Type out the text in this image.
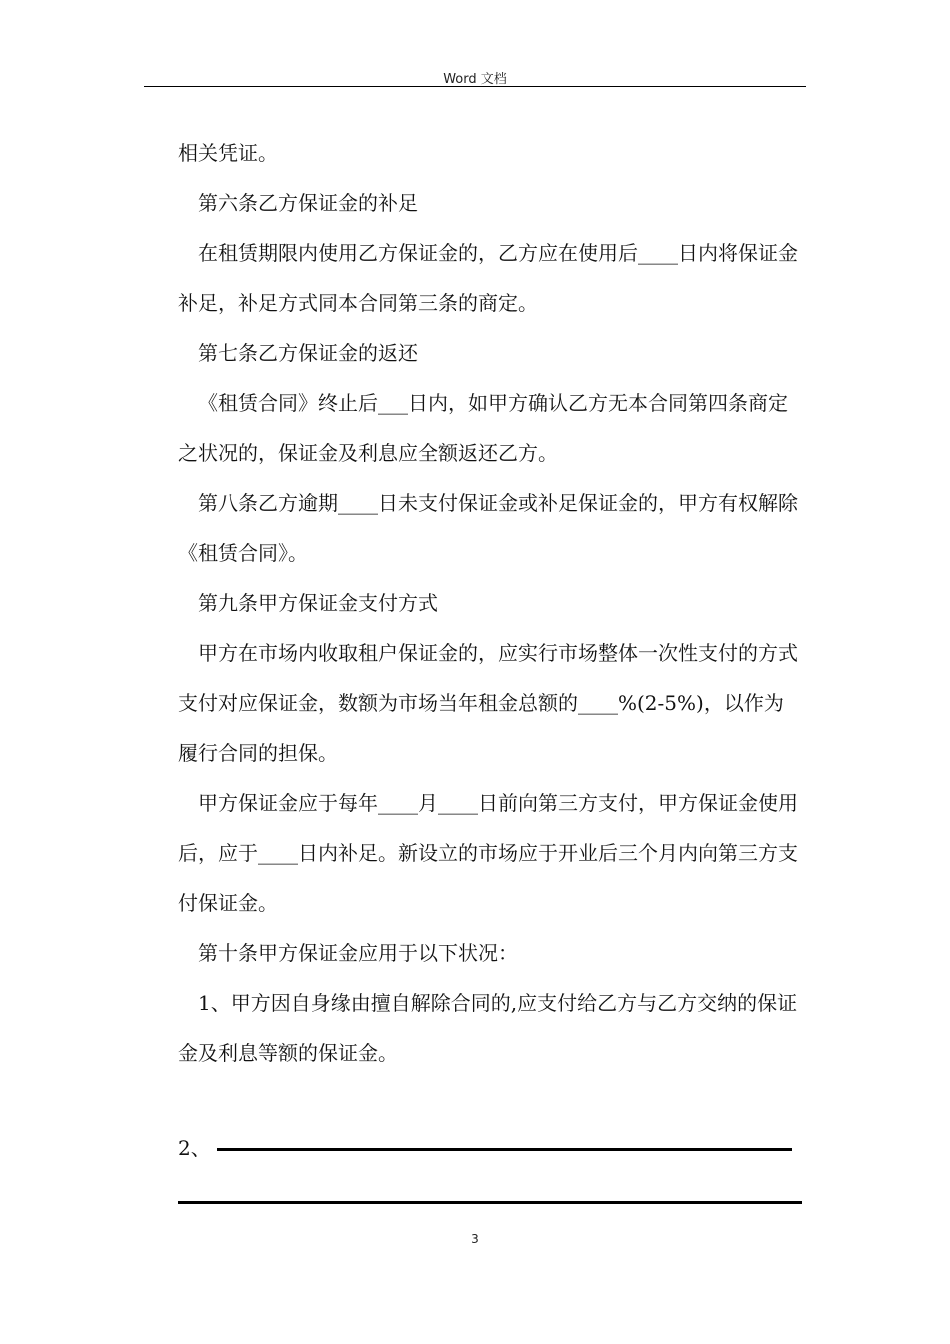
Word 文档

相关凭证。

第六条乙方保证金的补足

在租赁期限内使用乙方保证金的，乙方应在使用后____日内将保证金补足，补足方式同本合同第三条的商定。

第七条乙方保证金的返还

《租赁合同》终止后___日内，如甲方确认乙方无本合同第四条商定之状况的，保证金及利息应全额返还乙方。

第八条乙方逾期____日未支付保证金或补足保证金的，甲方有权解除《租赁合同》。

第九条甲方保证金支付方式

甲方在市场内收取租户保证金的，应实行市场整体一次性支付的方式支付对应保证金，数额为市场当年租金总额的____%(2-5%)，以作为履行合同的担保。

甲方保证金应于每年____月____日前向第三方支付，甲方保证金使用后，应于____日内补足。新设立的市场应于开业后三个月内向第三方支付保证金。

第十条甲方保证金应用于以下状况：

1、甲方因自身缘由擅自解除合同的,应支付给乙方与乙方交纳的保证金及利息等额的保证金。

2、
3
